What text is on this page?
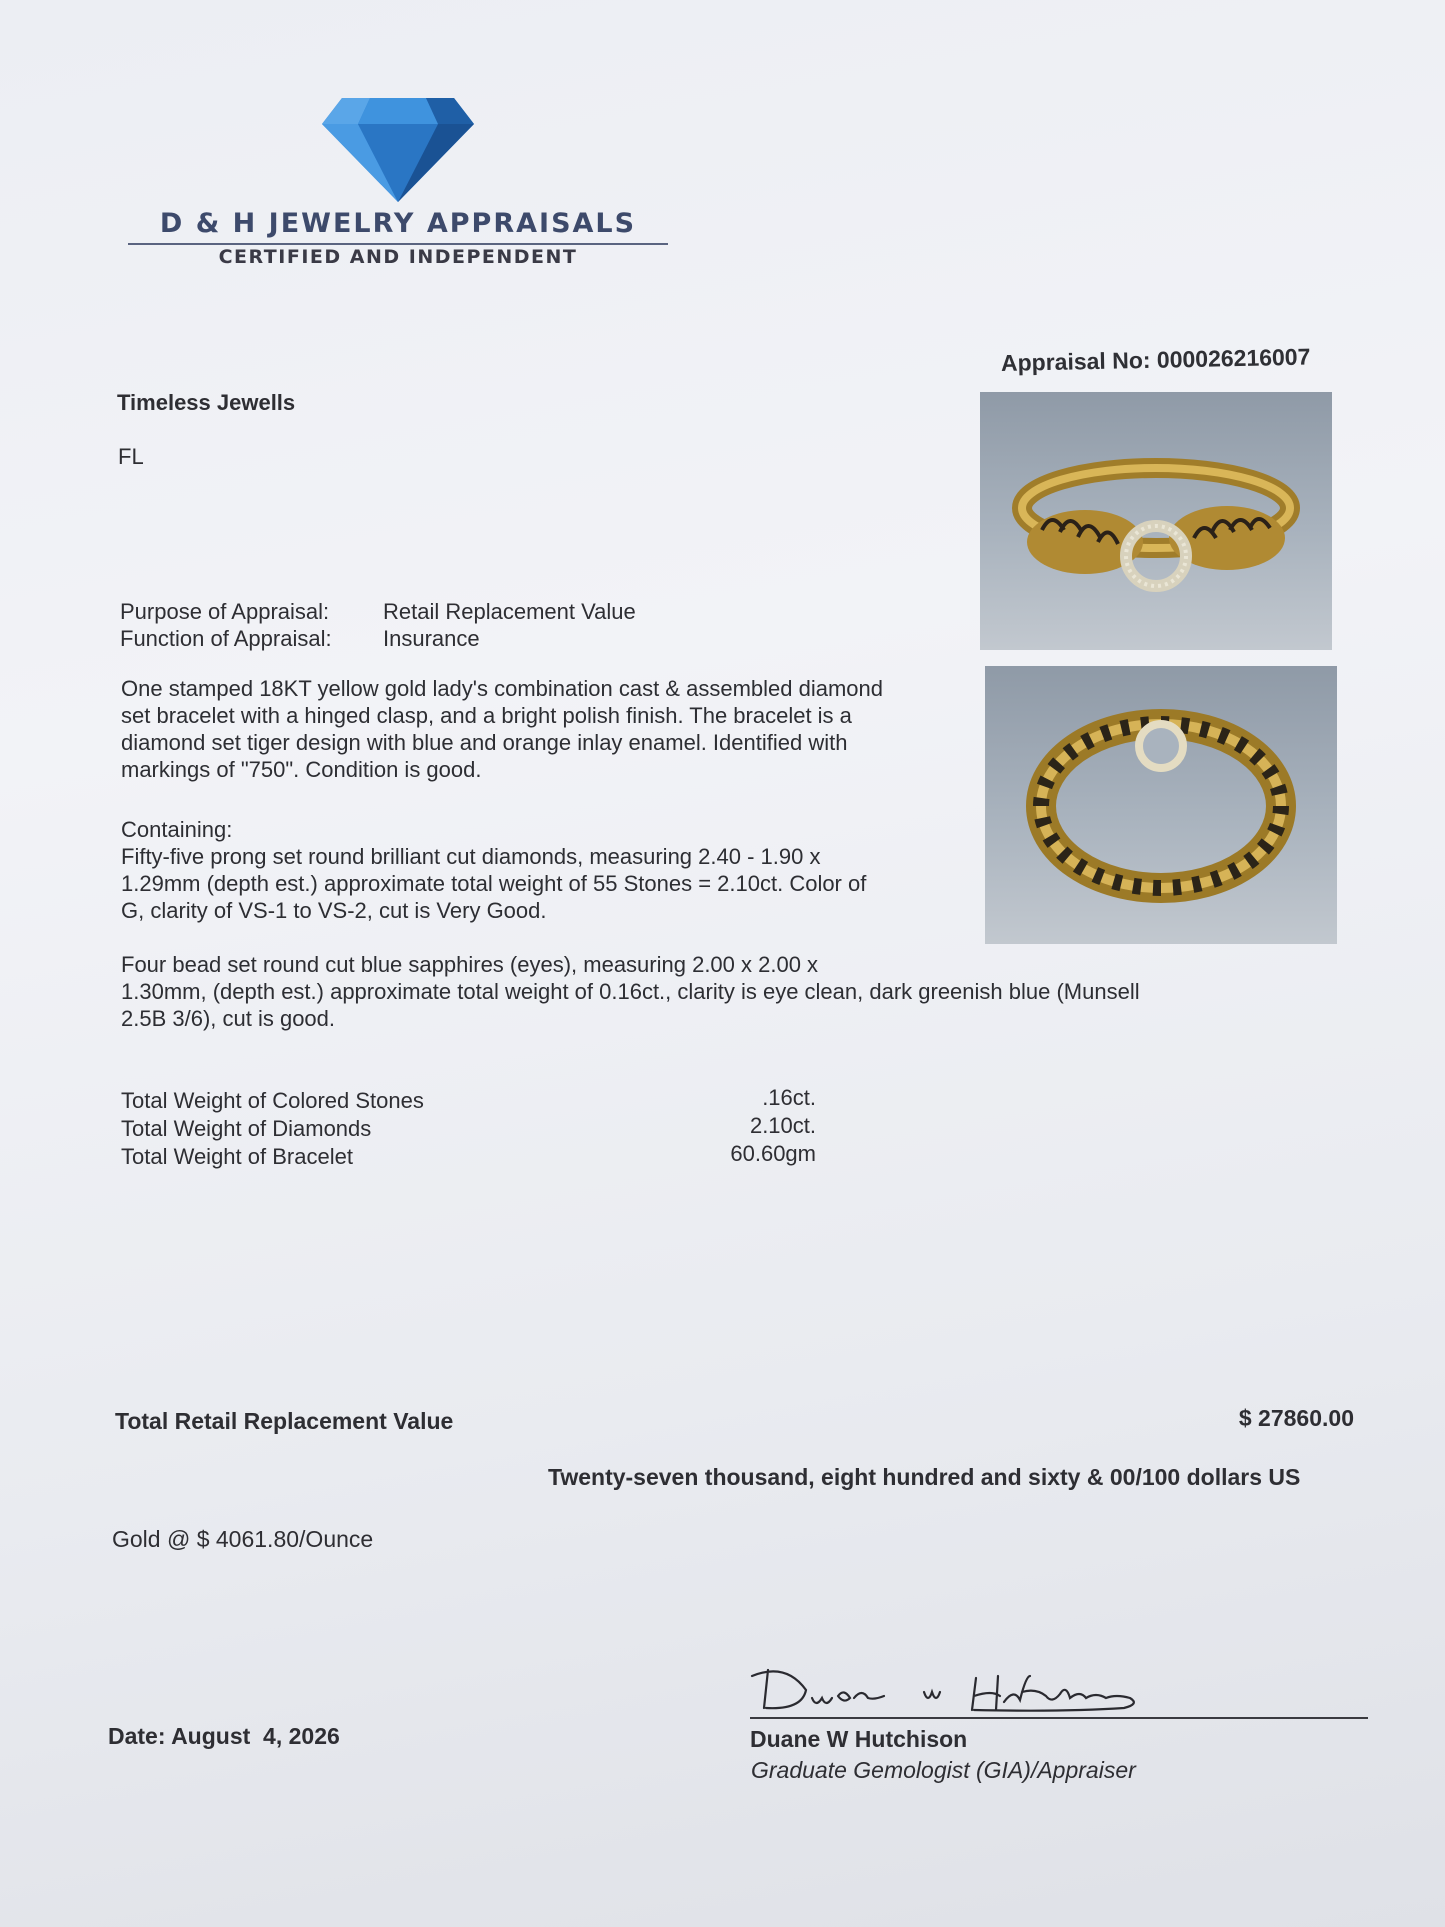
D & H JEWELRY APPRAISALS
CERTIFIED AND INDEPENDENT
Appraisal No: 000026216007
Timeless Jewells
FL
Purpose of Appraisal: Retail Replacement Value
Function of Appraisal: Insurance
One stamped 18KT yellow gold lady's combination cast & assembled diamond
set bracelet with a hinged clasp, and a bright polish finish. The bracelet is a
diamond set tiger design with blue and orange inlay enamel. Identified with
markings of "750". Condition is good.
Containing:
Fifty-five prong set round brilliant cut diamonds, measuring 2.40 - 1.90 x
1.29mm (depth est.) approximate total weight of 55 Stones = 2.10ct. Color of
G, clarity of VS-1 to VS-2, cut is Very Good.
Four bead set round cut blue sapphires (eyes), measuring 2.00 x 2.00 x
1.30mm, (depth est.) approximate total weight of 0.16ct., clarity is eye clean, dark greenish blue (Munsell
2.5B 3/6), cut is good.
Total Weight of Colored Stones
Total Weight of Diamonds
Total Weight of Bracelet
.16ct.
2.10ct.
60.60gm
Total Retail Replacement Value	$ 27860.00
Twenty-seven thousand, eight hundred and sixty & 00/100 dollars US
Gold @ $ 4061.80/Ounce
Date: August  4, 2026	Duane W Hutchison
Graduate Gemologist (GIA)/Appraiser
